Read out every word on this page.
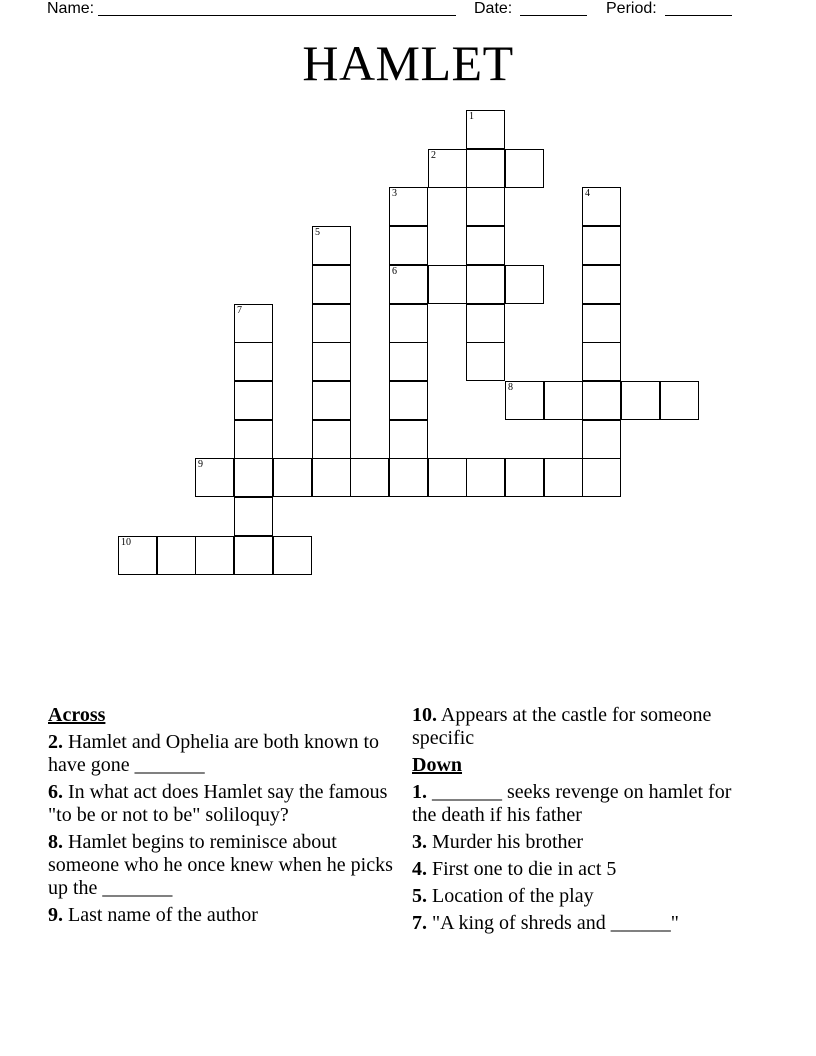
Name:	Date:	Period:
HAMLET
1
2
3	4
5
6
7
8
9
10
Across
2. Hamlet and Ophelia are both known to have gone _______
6. In what act does Hamlet say the famous "to be or not to be" soliloquy?
8. Hamlet begins to reminisce about someone who he once knew when he picks up the _______
9. Last name of the author
10. Appears at the castle for someone specific
Down
1. _______ seeks revenge on hamlet for the death if his father
3. Murder his brother
4. First one to die in act 5
5. Location of the play
7. "A king of shreds and ______"
